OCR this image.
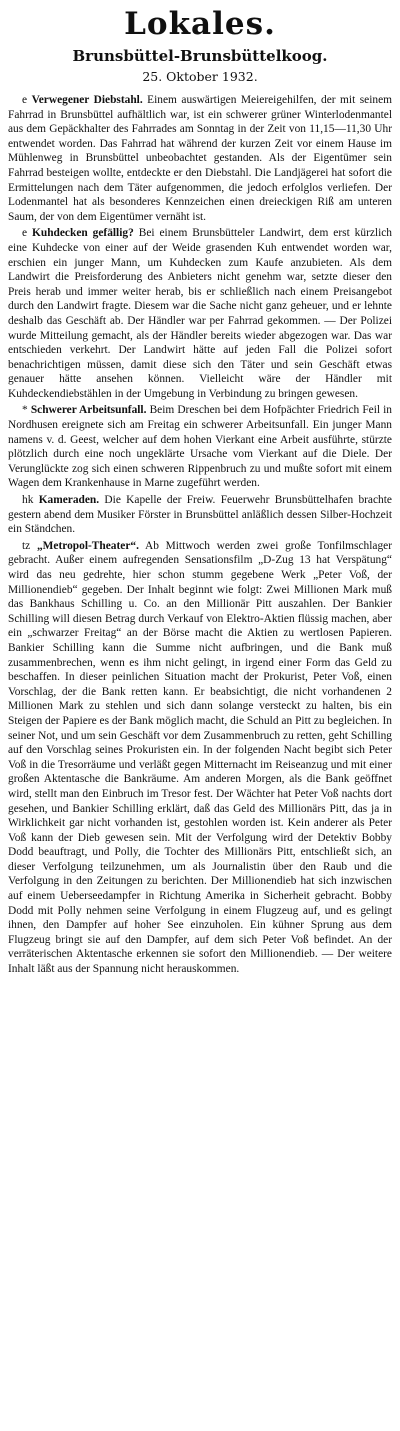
Lokales.
Brunsbüttel-Brunsbüttelkoog.
25. Oktober 1932.

e Verwegener Diebstahl. Einem auswärtigen Meiereigehilfen, der mit seinem Fahrrad in Brunsbüttel aufhältlich war, ist ein schwerer grüner Winterlodenmantel aus dem Gepäckhalter des Fahrrades am Sonntag in der Zeit von 11,15—11,30 Uhr entwendet worden. Das Fahrrad hat während der kurzen Zeit vor einem Hause im Mühlenweg in Brunsbüttel unbeobachtet gestanden. Als der Eigentümer sein Fahrrad besteigen wollte, entdeckte er den Diebstahl. Die Landjägerei hat sofort die Ermittelungen nach dem Täter aufgenommen, die jedoch erfolglos verliefen. Der Lodenmantel hat als besonderes Kennzeichen einen dreieckigen Riß am unteren Saum, der von dem Eigentümer vernäht ist.

e Kuhdecken gefällig? Bei einem Brunsbütteler Landwirt, dem erst kürzlich eine Kuhdecke von einer auf der Weide grasenden Kuh entwendet worden war, erschien ein junger Mann, um Kuhdecken zum Kaufe anzubieten. Als dem Landwirt die Preisforderung des Anbieters nicht genehm war, setzte dieser den Preis herab und immer weiter herab, bis er schließlich nach einem Preisangebot durch den Landwirt fragte. Diesem war die Sache nicht ganz geheuer, und er lehnte deshalb das Geschäft ab. Der Händler war per Fahrrad gekommen. — Der Polizei wurde Mitteilung gemacht, als der Händler bereits wieder abgezogen war. Das war entschieden verkehrt. Der Landwirt hätte auf jeden Fall die Polizei sofort benachrichtigen müssen, damit diese sich den Täter und sein Geschäft etwas genauer hätte ansehen können. Vielleicht wäre der Händler mit Kuhdeckendiebstählen in der Umgebung in Verbindung zu bringen gewesen.

* Schwerer Arbeitsunfall. Beim Dreschen bei dem Hofpächter Friedrich Feil in Nordhusen ereignete sich am Freitag ein schwerer Arbeitsunfall. Ein junger Mann namens v. d. Geest, welcher auf dem hohen Vierkant eine Arbeit ausführte, stürzte plötzlich durch eine noch ungeklärte Ursache vom Vierkant auf die Diele. Der Verunglückte zog sich einen schweren Rippenbruch zu und mußte sofort mit einem Wagen dem Krankenhause in Marne zugeführt werden.

hk Kameraden. Die Kapelle der Freiw. Feuerwehr Brunsbüttelhafen brachte gestern abend dem Musiker Förster in Brunsbüttel anläßlich dessen Silber-Hochzeit ein Ständchen.

tz „Metropol-Theater“. Ab Mittwoch werden zwei große Tonfilmschlager gebracht. Außer einem aufregenden Sensationsfilm „D-Zug 13 hat Verspätung“ wird das neu gedrehte, hier schon stumm gegebene Werk „Peter Voß, der Millionendieb“ gegeben. Der Inhalt beginnt wie folgt: Zwei Millionen Mark muß das Bankhaus Schilling u. Co. an den Millionär Pitt auszahlen. Der Bankier Schilling will diesen Betrag durch Verkauf von Elektro-Aktien flüssig machen, aber ein „schwarzer Freitag“ an der Börse macht die Aktien zu wertlosen Papieren. Bankier Schilling kann die Summe nicht aufbringen, und die Bank muß zusammenbrechen, wenn es ihm nicht gelingt, in irgend einer Form das Geld zu beschaffen. In dieser peinlichen Situation macht der Prokurist, Peter Voß, einen Vorschlag, der die Bank retten kann. Er beabsichtigt, die nicht vorhandenen 2 Millionen Mark zu stehlen und sich dann solange versteckt zu halten, bis ein Steigen der Papiere es der Bank möglich macht, die Schuld an Pitt zu begleichen. In seiner Not, und um sein Geschäft vor dem Zusammenbruch zu retten, geht Schilling auf den Vorschlag seines Prokuristen ein. In der folgenden Nacht begibt sich Peter Voß in die Tresorräume und verläßt gegen Mitternacht im Reiseanzug und mit einer großen Aktentasche die Bankräume. Am anderen Morgen, als die Bank geöffnet wird, stellt man den Einbruch im Tresor fest. Der Wächter hat Peter Voß nachts dort gesehen, und Bankier Schilling erklärt, daß das Geld des Millionärs Pitt, das ja in Wirklichkeit gar nicht vorhanden ist, gestohlen worden ist. Kein anderer als Peter Voß kann der Dieb gewesen sein. Mit der Verfolgung wird der Detektiv Bobby Dodd beauftragt, und Polly, die Tochter des Millionärs Pitt, entschließt sich, an dieser Verfolgung teilzunehmen, um als Journalistin über den Raub und die Verfolgung in den Zeitungen zu berichten. Der Millionendieb hat sich inzwischen auf einem Ueberseedampfer in Richtung Amerika in Sicherheit gebracht. Bobby Dodd mit Polly nehmen seine Verfolgung in einem Flugzeug auf, und es gelingt ihnen, den Dampfer auf hoher See einzuholen. Ein kühner Sprung aus dem Flugzeug bringt sie auf den Dampfer, auf dem sich Peter Voß befindet. An der verräterischen Aktentasche erkennen sie sofort den Millionendieb. — Der weitere Inhalt läßt aus der Spannung nicht herauskommen.
